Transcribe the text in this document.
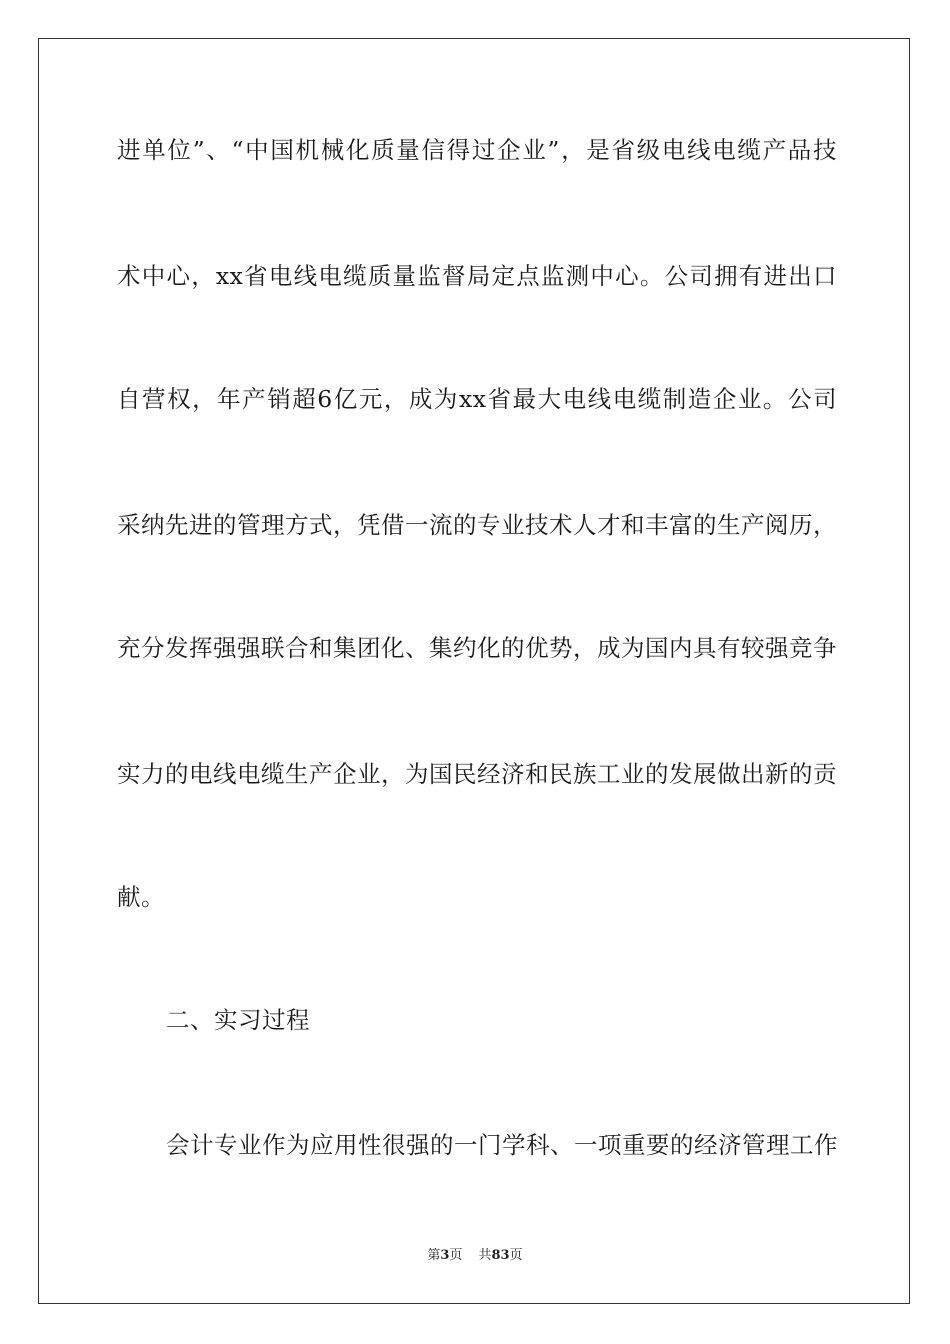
进单位”、“中国机械化质量信得过企业”，是省级电线电缆产品技
术中心，xx省电线电缆质量监督局定点监测中心。公司拥有进出口
自营权，年产销超6亿元，成为xx省最大电线电缆制造企业。公司
采纳先进的管理方式，凭借一流的专业技术人才和丰富的生产阅历，
充分发挥强强联合和集团化、集约化的优势，成为国内具有较强竞争
实力的电线电缆生产企业，为国民经济和民族工业的发展做出新的贡
献。
二、实习过程
会计专业作为应用性很强的一门学科、一项重要的经济管理工作
第3页 共83页
